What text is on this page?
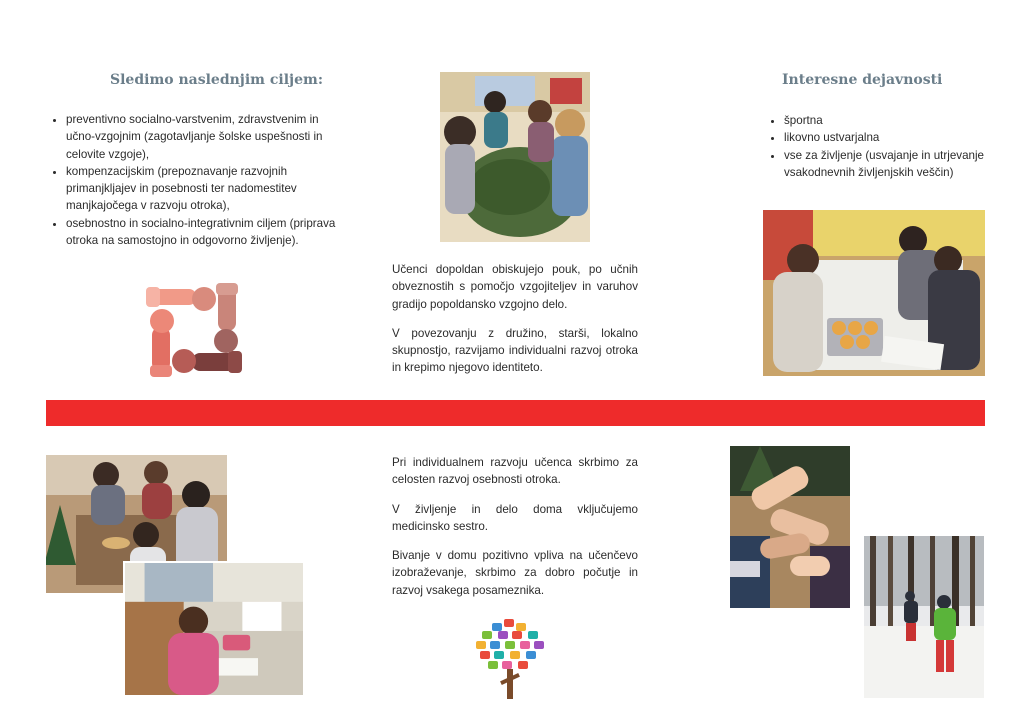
Sledimo naslednjim ciljem:
• preventivno socialno-varstvenim, zdravstvenim in učno-vzgojnim (zagotavljanje šolske uspešnosti in celovite vzgoje),
• kompenzacijskim (prepoznavanje razvojnih primanjkljajev in posebnosti ter nadomestitev manjkajočega v razvoju otroka),
• osebnostno in socialno-integrativnim ciljem (priprava otroka na samostojno in odgovorno življenje).

Učenci dopoldan obiskujejo pouk, po učnih obveznostih s pomočjo vzgojiteljev in varuhov gradijo popoldansko vzgojno delo.

V povezovanju z družino, starši, lokalno skupnostjo, razvijamo individualni razvoj otroka in krepimo njegovo identiteto.

Interesne dejavnosti
• športna
• likovno ustvarjalna
• vse za življenje (usvajanje in utrjevanje vsakodnevnih življenjskih veščin)

Pri individualnem razvoju učenca skrbimo za celosten razvoj osebnosti otroka.

V življenje in delo doma vključujemo medicinsko sestro.

Bivanje v domu pozitivno vpliva na učenčevo izobraževanje, skrbimo za dobro počutje in razvoj vsakega posameznika.
